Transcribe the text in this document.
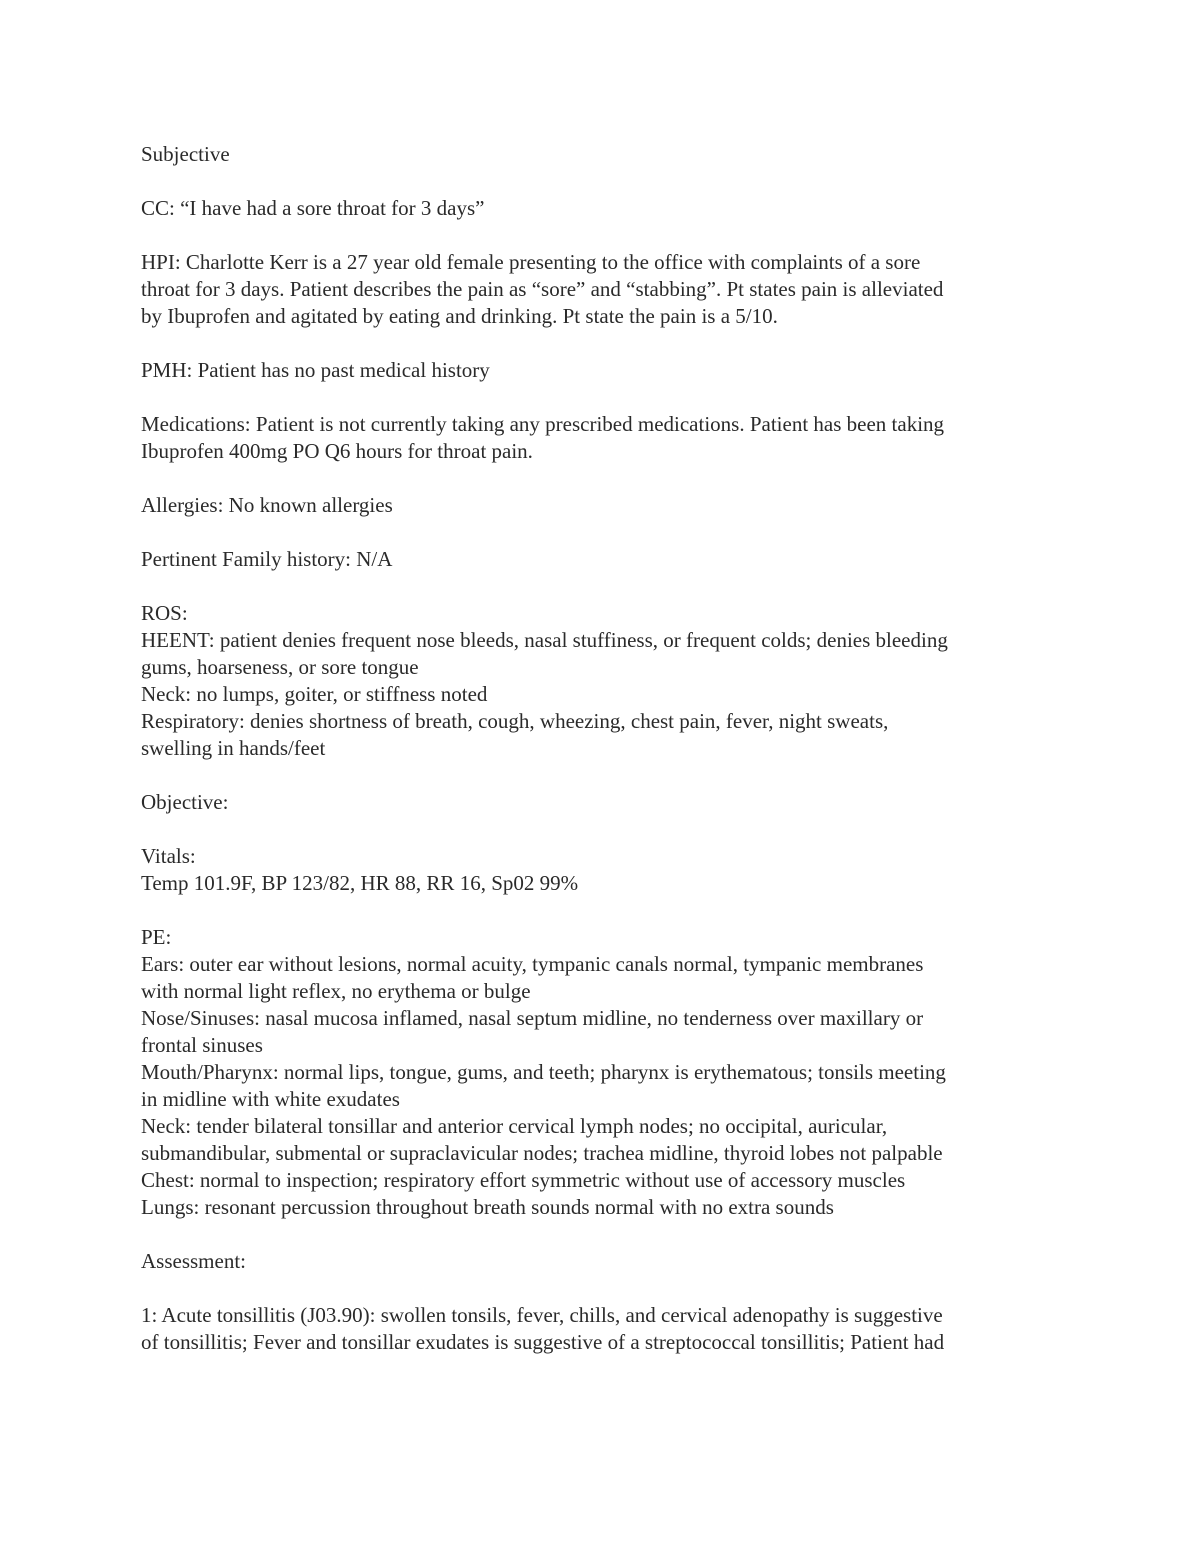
Subjective
CC: “I have had a sore throat for 3 days”
HPI: Charlotte Kerr is a 27 year old female presenting to the office with complaints of a sore
throat for 3 days. Patient describes the pain as “sore” and “stabbing”. Pt states pain is alleviated
by Ibuprofen and agitated by eating and drinking. Pt state the pain is a 5/10.
PMH: Patient has no past medical history
Medications: Patient is not currently taking any prescribed medications. Patient has been taking
Ibuprofen 400mg PO Q6 hours for throat pain.
Allergies: No known allergies
Pertinent Family history: N/A
ROS:
HEENT: patient denies frequent nose bleeds, nasal stuffiness, or frequent colds; denies bleeding
gums, hoarseness, or sore tongue
Neck: no lumps, goiter, or stiffness noted
Respiratory: denies shortness of breath, cough, wheezing, chest pain, fever, night sweats,
swelling in hands/feet
Objective:
Vitals:
Temp 101.9F, BP 123/82, HR 88, RR 16, Sp02 99%
PE:
Ears: outer ear without lesions, normal acuity, tympanic canals normal, tympanic membranes
with normal light reflex, no erythema or bulge
Nose/Sinuses: nasal mucosa inflamed, nasal septum midline, no tenderness over maxillary or
frontal sinuses
Mouth/Pharynx: normal lips, tongue, gums, and teeth; pharynx is erythematous; tonsils meeting
in midline with white exudates
Neck: tender bilateral tonsillar and anterior cervical lymph nodes; no occipital, auricular,
submandibular, submental or supraclavicular nodes; trachea midline, thyroid lobes not palpable
Chest: normal to inspection; respiratory effort symmetric without use of accessory muscles
Lungs: resonant percussion throughout breath sounds normal with no extra sounds
Assessment:
1: Acute tonsillitis (J03.90): swollen tonsils, fever, chills, and cervical adenopathy is suggestive
of tonsillitis; Fever and tonsillar exudates is suggestive of a streptococcal tonsillitis; Patient had
